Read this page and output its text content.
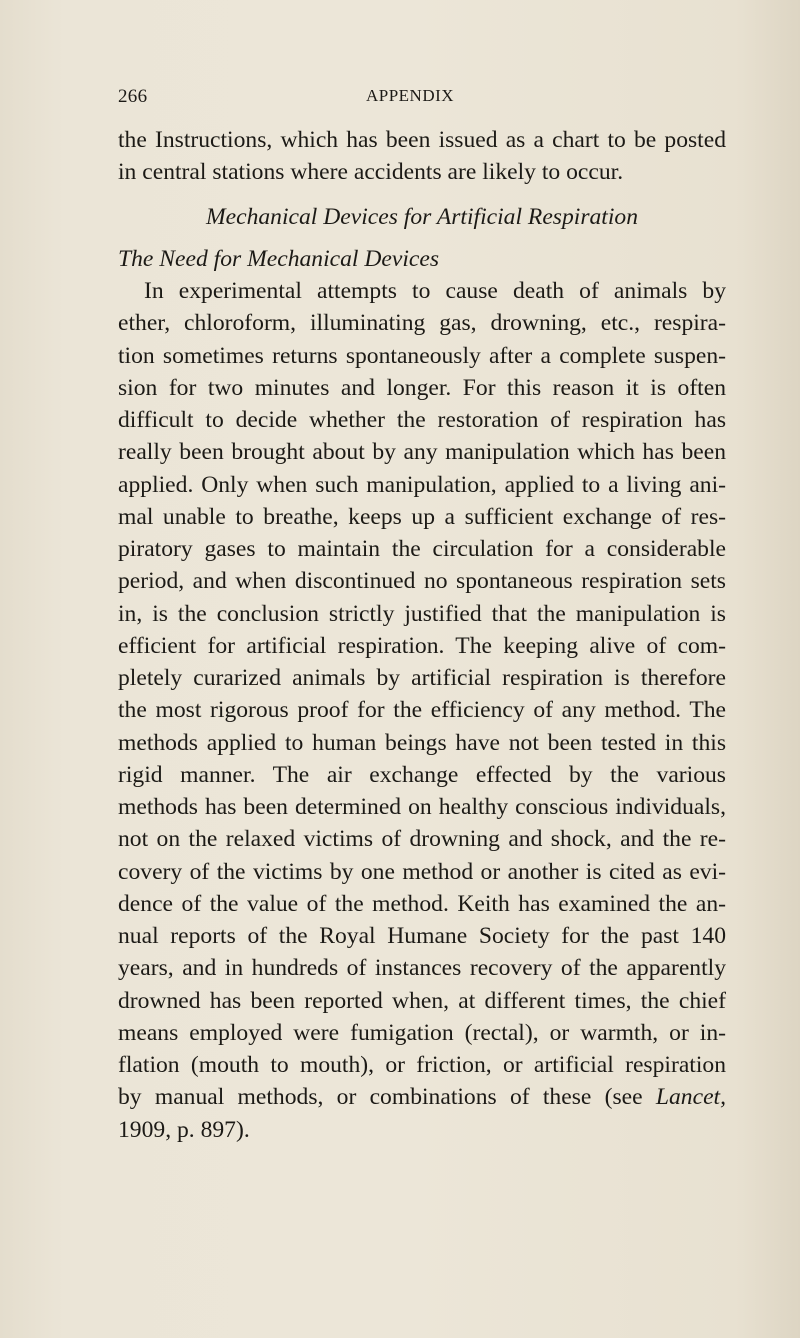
266	APPENDIX
the Instructions, which has been issued as a chart to be posted
in central stations where accidents are likely to occur.
Mechanical Devices for Artificial Respiration
The Need for Mechanical Devices
In experimental attempts to cause death of animals by
ether, chloroform, illuminating gas, drowning, etc., respira-
tion sometimes returns spontaneously after a complete suspen-
sion for two minutes and longer. For this reason it is often
difficult to decide whether the restoration of respiration has
really been brought about by any manipulation which has been
applied. Only when such manipulation, applied to a living ani-
mal unable to breathe, keeps up a sufficient exchange of res-
piratory gases to maintain the circulation for a considerable
period, and when discontinued no spontaneous respiration sets
in, is the conclusion strictly justified that the manipulation is
efficient for artificial respiration. The keeping alive of com-
pletely curarized animals by artificial respiration is therefore
the most rigorous proof for the efficiency of any method. The
methods applied to human beings have not been tested in this
rigid manner. The air exchange effected by the various
methods has been determined on healthy conscious individuals,
not on the relaxed victims of drowning and shock, and the re-
covery of the victims by one method or another is cited as evi-
dence of the value of the method. Keith has examined the an-
nual reports of the Royal Humane Society for the past 140
years, and in hundreds of instances recovery of the apparently
drowned has been reported when, at different times, the chief
means employed were fumigation (rectal), or warmth, or in-
flation (mouth to mouth), or friction, or artificial respiration
by manual methods, or combinations of these (see Lancet,
1909, p. 897).
